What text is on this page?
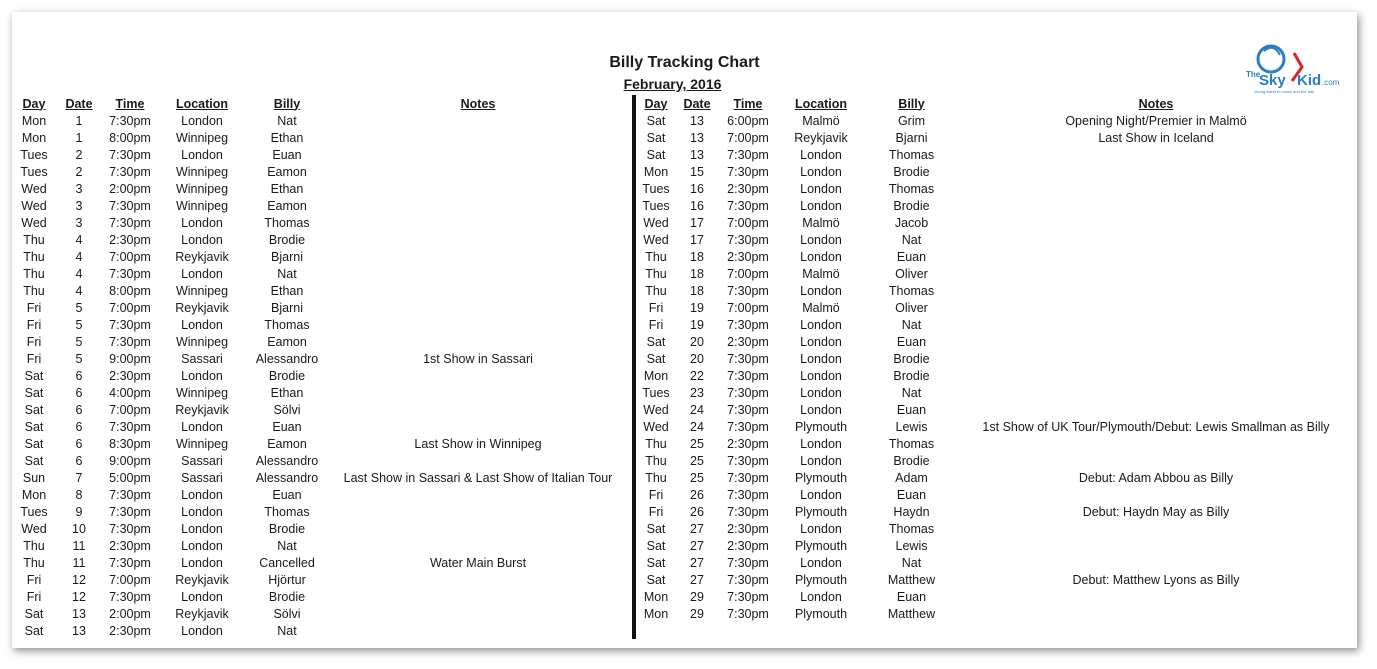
Billy Tracking Chart
February, 2016
The
Sky Kid .com
Young talent in music and the arts
Day	Date	Time	Location	Billy	Notes
Mon	1	7:30pm	London	Nat	
Mon	1	8:00pm	Winnipeg	Ethan	
Tues	2	7:30pm	London	Euan	
Tues	2	7:30pm	Winnipeg	Eamon	
Wed	3	2:00pm	Winnipeg	Ethan	
Wed	3	7:30pm	Winnipeg	Eamon	
Wed	3	7:30pm	London	Thomas	
Thu	4	2:30pm	London	Brodie	
Thu	4	7:00pm	Reykjavik	Bjarni	
Thu	4	7:30pm	London	Nat	
Thu	4	8:00pm	Winnipeg	Ethan	
Fri	5	7:00pm	Reykjavik	Bjarni	
Fri	5	7:30pm	London	Thomas	
Fri	5	7:30pm	Winnipeg	Eamon	
Fri	5	9:00pm	Sassari	Alessandro	1st Show in Sassari
Sat	6	2:30pm	London	Brodie	
Sat	6	4:00pm	Winnipeg	Ethan	
Sat	6	7:00pm	Reykjavik	Sölvi	
Sat	6	7:30pm	London	Euan	
Sat	6	8:30pm	Winnipeg	Eamon	Last Show in Winnipeg
Sat	6	9:00pm	Sassari	Alessandro	
Sun	7	5:00pm	Sassari	Alessandro	Last Show in Sassari & Last Show of Italian Tour
Mon	8	7:30pm	London	Euan	
Tues	9	7:30pm	London	Thomas	
Wed	10	7:30pm	London	Brodie	
Thu	11	2:30pm	London	Nat	
Thu	11	7:30pm	London	Cancelled	Water Main Burst
Fri	12	7:00pm	Reykjavik	Hjörtur	
Fri	12	7:30pm	London	Brodie	
Sat	13	2:00pm	Reykjavik	Sölvi	
Sat	13	2:30pm	London	Nat	
Day	Date	Time	Location	Billy	Notes
Sat	13	6:00pm	Malmö	Grim	Opening Night/Premier in Malmö
Sat	13	7:00pm	Reykjavik	Bjarni	Last Show in Iceland
Sat	13	7:30pm	London	Thomas	
Mon	15	7:30pm	London	Brodie	
Tues	16	2:30pm	London	Thomas	
Tues	16	7:30pm	London	Brodie	
Wed	17	7:00pm	Malmö	Jacob	
Wed	17	7:30pm	London	Nat	
Thu	18	2:30pm	London	Euan	
Thu	18	7:00pm	Malmö	Oliver	
Thu	18	7:30pm	London	Thomas	
Fri	19	7:00pm	Malmö	Oliver	
Fri	19	7:30pm	London	Nat	
Sat	20	2:30pm	London	Euan	
Sat	20	7:30pm	London	Brodie	
Mon	22	7:30pm	London	Brodie	
Tues	23	7:30pm	London	Nat	
Wed	24	7:30pm	London	Euan	
Wed	24	7:30pm	Plymouth	Lewis	1st Show of UK Tour/Plymouth/Debut: Lewis Smallman as Billy
Thu	25	2:30pm	London	Thomas	
Thu	25	7:30pm	London	Brodie	
Thu	25	7:30pm	Plymouth	Adam	Debut: Adam Abbou as Billy
Fri	26	7:30pm	London	Euan	
Fri	26	7:30pm	Plymouth	Haydn	Debut: Haydn May as Billy
Sat	27	2:30pm	London	Thomas	
Sat	27	2:30pm	Plymouth	Lewis	
Sat	27	7:30pm	London	Nat	
Sat	27	7:30pm	Plymouth	Matthew	Debut: Matthew Lyons as Billy
Mon	29	7:30pm	London	Euan	
Mon	29	7:30pm	Plymouth	Matthew	
